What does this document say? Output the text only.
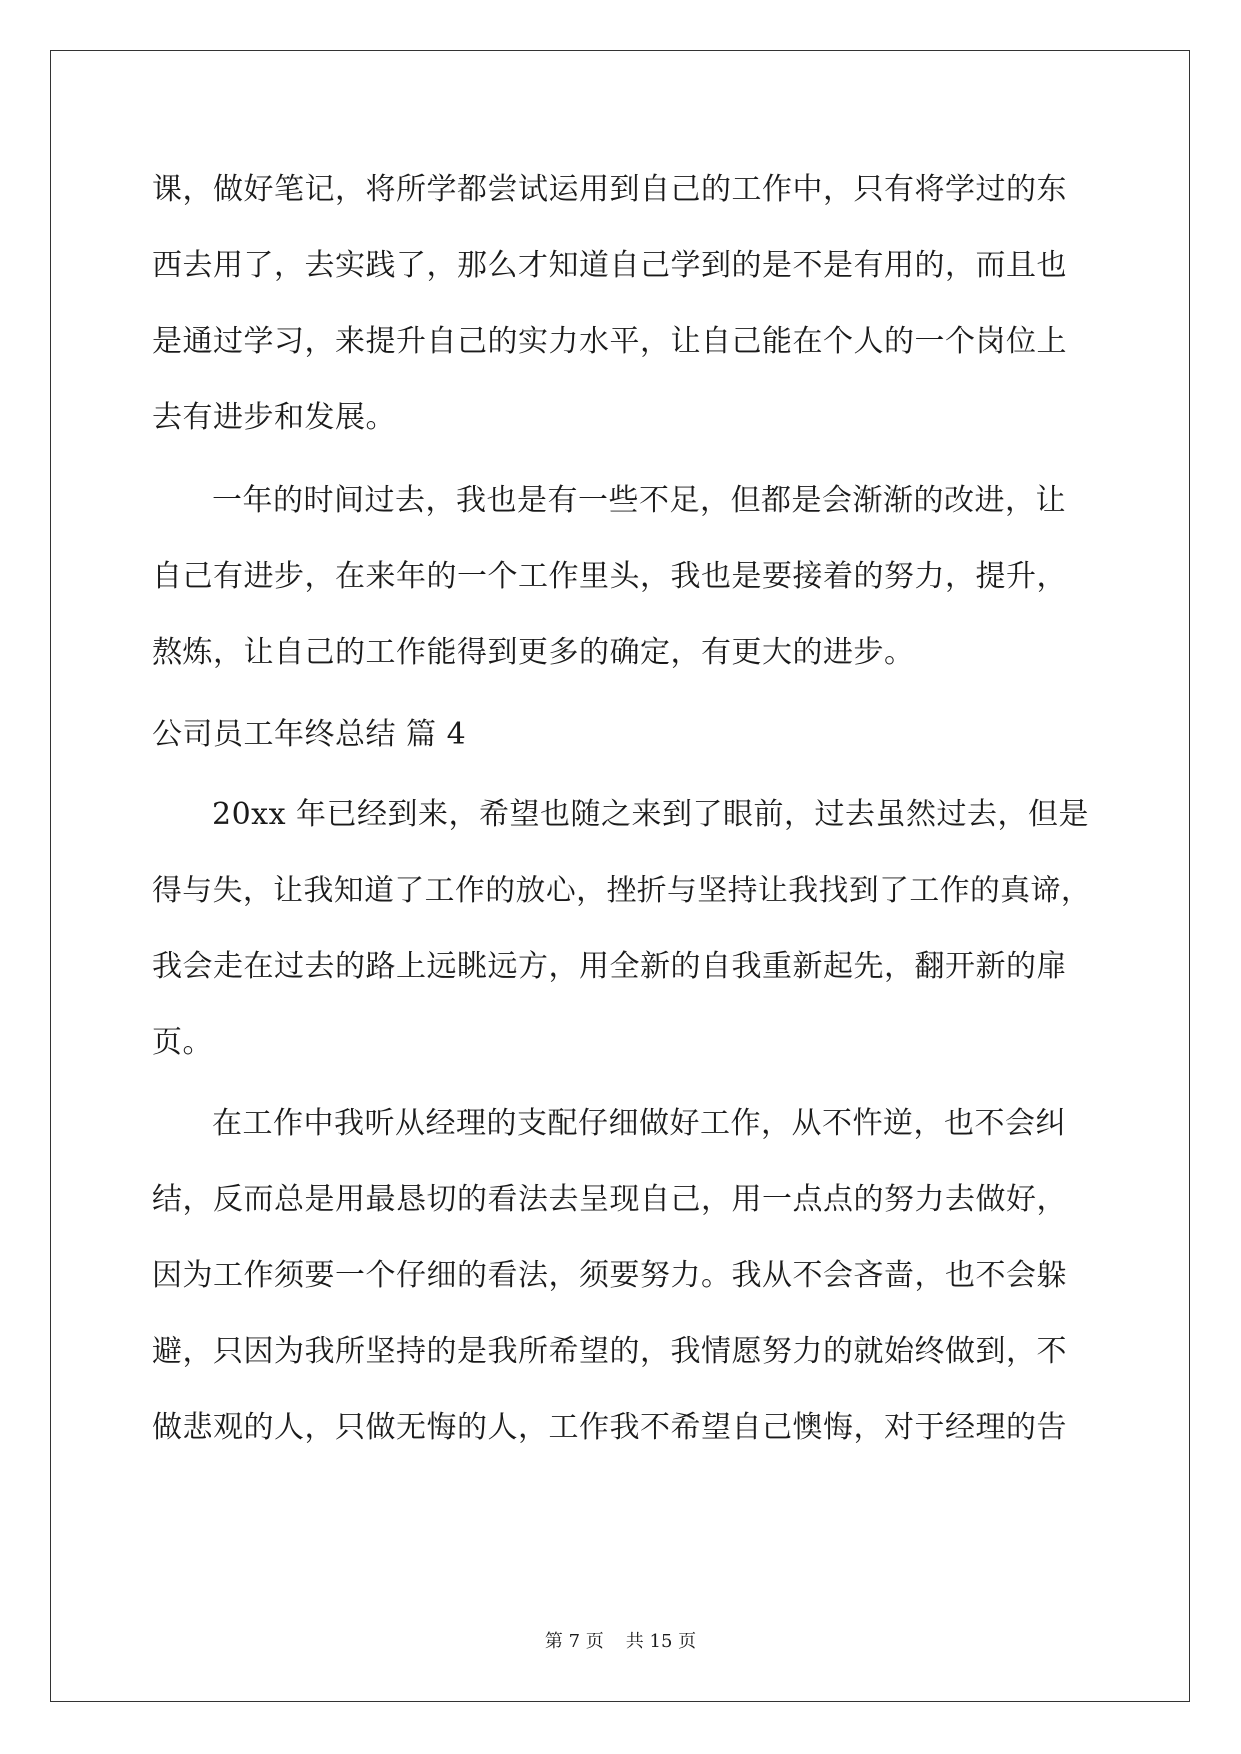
课，做好笔记，将所学都尝试运用到自己的工作中，只有将学过的东
西去用了，去实践了，那么才知道自己学到的是不是有用的，而且也
是通过学习，来提升自己的实力水平，让自己能在个人的一个岗位上
去有进步和发展。
一年的时间过去，我也是有一些不足，但都是会渐渐的改进，让
自己有进步，在来年的一个工作里头，我也是要接着的努力，提升，
熬炼，让自己的工作能得到更多的确定，有更大的进步。
公司员工年终总结 篇 4
20xx 年已经到来，希望也随之来到了眼前，过去虽然过去，但是
得与失，让我知道了工作的放心，挫折与坚持让我找到了工作的真谛，
我会走在过去的路上远眺远方，用全新的自我重新起先，翻开新的扉
页。
在工作中我听从经理的支配仔细做好工作，从不忤逆，也不会纠
结，反而总是用最恳切的看法去呈现自己，用一点点的努力去做好，
因为工作须要一个仔细的看法，须要努力。我从不会吝啬，也不会躲
避，只因为我所坚持的是我所希望的，我情愿努力的就始终做到，不
做悲观的人，只做无悔的人，工作我不希望自己懊悔，对于经理的告
第 7 页 共 15 页
